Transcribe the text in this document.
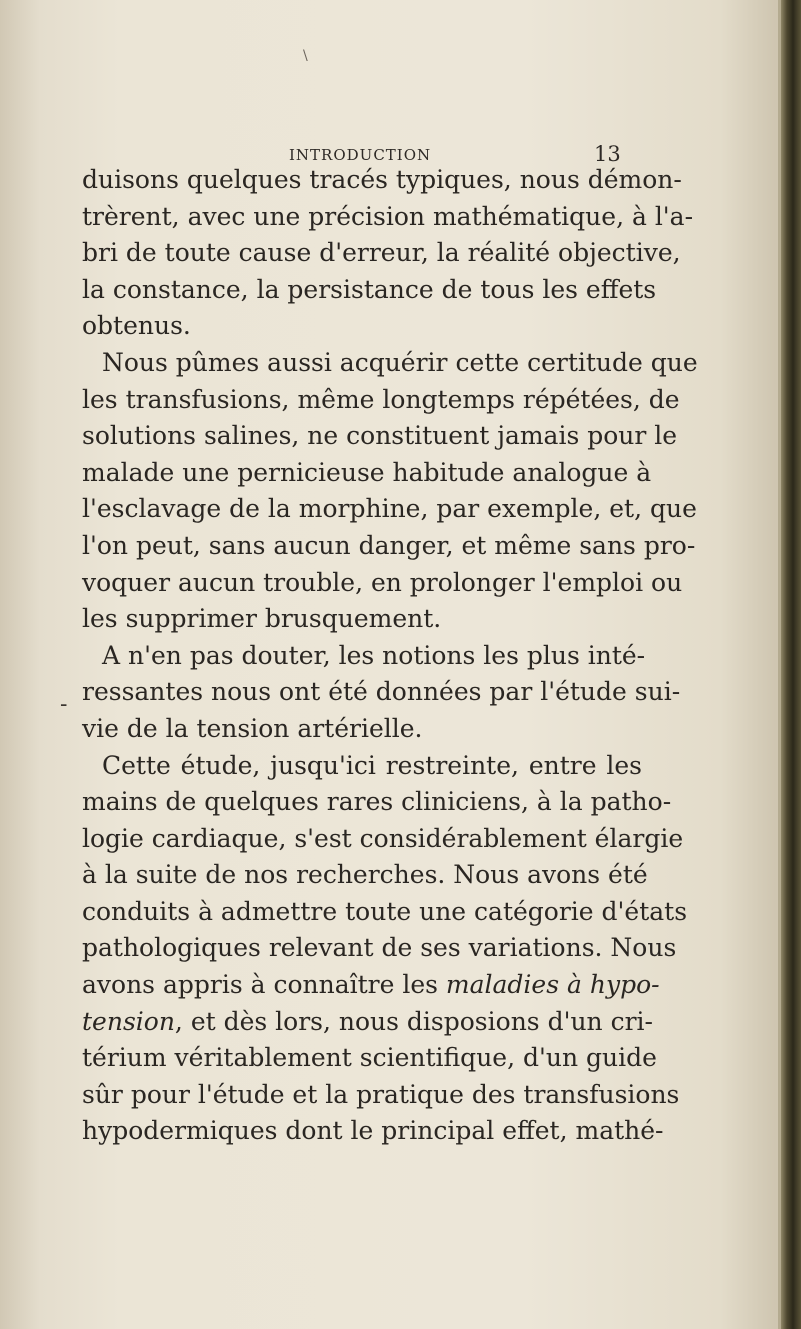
\
INTRODUCTION	13
-
duisons quelques tracés typiques, nous démon-
trèrent, avec une précision mathématique, à l'a-
bri de toute cause d'erreur, la réalité objective,
la constance, la persistance de tous les effets
obtenus.
Nous pûmes aussi acquérir cette certitude que
les transfusions, même longtemps répétées, de
solutions salines, ne constituent jamais pour le
malade une pernicieuse habitude analogue à
l'esclavage de la morphine, par exemple, et, que
l'on peut, sans aucun danger, et même sans pro-
voquer aucun trouble, en prolonger l'emploi ou
les supprimer brusquement.
A n'en pas douter, les notions les plus inté-
ressantes nous ont été données par l'étude sui-
vie de la tension artérielle.
Cette étude, jusqu'ici restreinte, entre les
mains de quelques rares cliniciens, à la patho-
logie cardiaque, s'est considérablement élargie
à la suite de nos recherches. Nous avons été
conduits à admettre toute une catégorie d'états
pathologiques relevant de ses variations. Nous
avons appris à connaître les maladies à hypo-
tension, et dès lors, nous disposions d'un cri-
térium véritablement scientifique, d'un guide
sûr pour l'étude et la pratique des transfusions
hypodermiques dont le principal effet, mathé-
